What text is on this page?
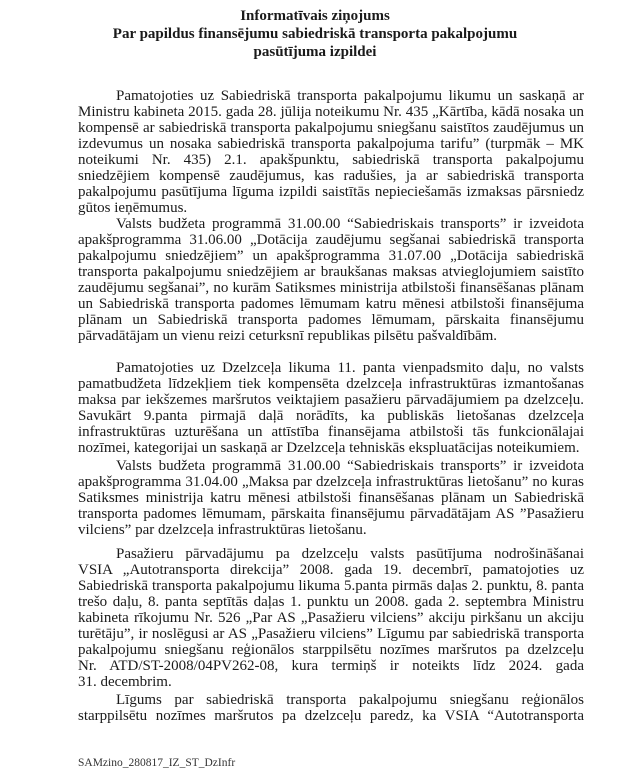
Informatīvais ziņojums
Par papildus finansējumu sabiedriskā transporta pakalpojumu
pasūtījuma izpildei
Pamatojoties uz Sabiedriskā transporta pakalpojumu likumu un saskaņā ar
Ministru kabineta 2015. gada 28. jūlija noteikumu Nr. 435 „Kārtība, kādā nosaka un
kompensē ar sabiedriskā transporta pakalpojumu sniegšanu saistītos zaudējumus un
izdevumus un nosaka sabiedriskā transporta pakalpojuma tarifu” (turpmāk – MK
noteikumi Nr. 435) 2.1. apakšpunktu, sabiedriskā transporta pakalpojumu
sniedzējiem kompensē zaudējumus, kas radušies, ja ar sabiedriskā transporta
pakalpojumu pasūtījuma līguma izpildi saistītās nepieciešamās izmaksas pārsniedz
gūtos ieņēmumus.
Valsts budžeta programmā 31.00.00 “Sabiedriskais transports” ir izveidota
apakšprogramma 31.06.00 „Dotācija zaudējumu segšanai sabiedriskā transporta
pakalpojumu sniedzējiem” un apakšprogramma 31.07.00 „Dotācija sabiedriskā
transporta pakalpojumu sniedzējiem ar braukšanas maksas atvieglojumiem saistīto
zaudējumu segšanai”, no kurām Satiksmes ministrija atbilstoši finansēšanas plānam
un Sabiedriskā transporta padomes lēmumam katru mēnesi atbilstoši finansējuma
plānam un Sabiedriskā transporta padomes lēmumam, pārskaita finansējumu
pārvadātājam un vienu reizi ceturksnī republikas pilsētu pašvaldībām.
Pamatojoties uz Dzelzceļa likuma 11. panta vienpadsmito daļu, no valsts
pamatbudžeta līdzekļiem tiek kompensēta dzelzceļa infrastruktūras izmantošanas
maksa par iekšzemes maršrutos veiktajiem pasažieru pārvadājumiem pa dzelzceļu.
Savukārt 9.panta pirmajā daļā norādīts, ka publiskās lietošanas dzelzceļa
infrastruktūras uzturēšana un attīstība finansējama atbilstoši tās funkcionālajai
nozīmei, kategorijai un saskaņā ar Dzelzceļa tehniskās ekspluatācijas noteikumiem.
Valsts budžeta programmā 31.00.00 “Sabiedriskais transports” ir izveidota
apakšprogramma 31.04.00 „Maksa par dzelzceļa infrastruktūras lietošanu” no kuras
Satiksmes ministrija katru mēnesi atbilstoši finansēšanas plānam un Sabiedriskā
transporta padomes lēmumam, pārskaita finansējumu pārvadātājam AS ”Pasažieru
vilciens” par dzelzceļa infrastruktūras lietošanu.
Pasažieru pārvadājumu pa dzelzceļu valsts pasūtījuma nodrošināšanai
VSIA „Autotransporta direkcija” 2008. gada 19. decembrī, pamatojoties uz
Sabiedriskā transporta pakalpojumu likuma 5.panta pirmās daļas 2. punktu, 8. panta
trešo daļu, 8. panta septītās daļas 1. punktu un 2008. gada 2. septembra Ministru
kabineta rīkojumu Nr. 526 „Par AS „Pasažieru vilciens” akciju pirkšanu un akciju
turētāju”, ir noslēgusi ar AS „Pasažieru vilciens” Līgumu par sabiedriskā transporta
pakalpojumu sniegšanu reģionālos starppilsētu nozīmes maršrutos pa dzelzceļu
Nr. ATD/ST-2008/04PV262-08, kura termiņš ir noteikts līdz 2024. gada
31. decembrim.
Līgums par sabiedriskā transporta pakalpojumu sniegšanu reģionālos
starppilsētu nozīmes maršrutos pa dzelzceļu paredz, ka VSIA “Autotransporta
SAMzino_280817_IZ_ST_DzInfr
